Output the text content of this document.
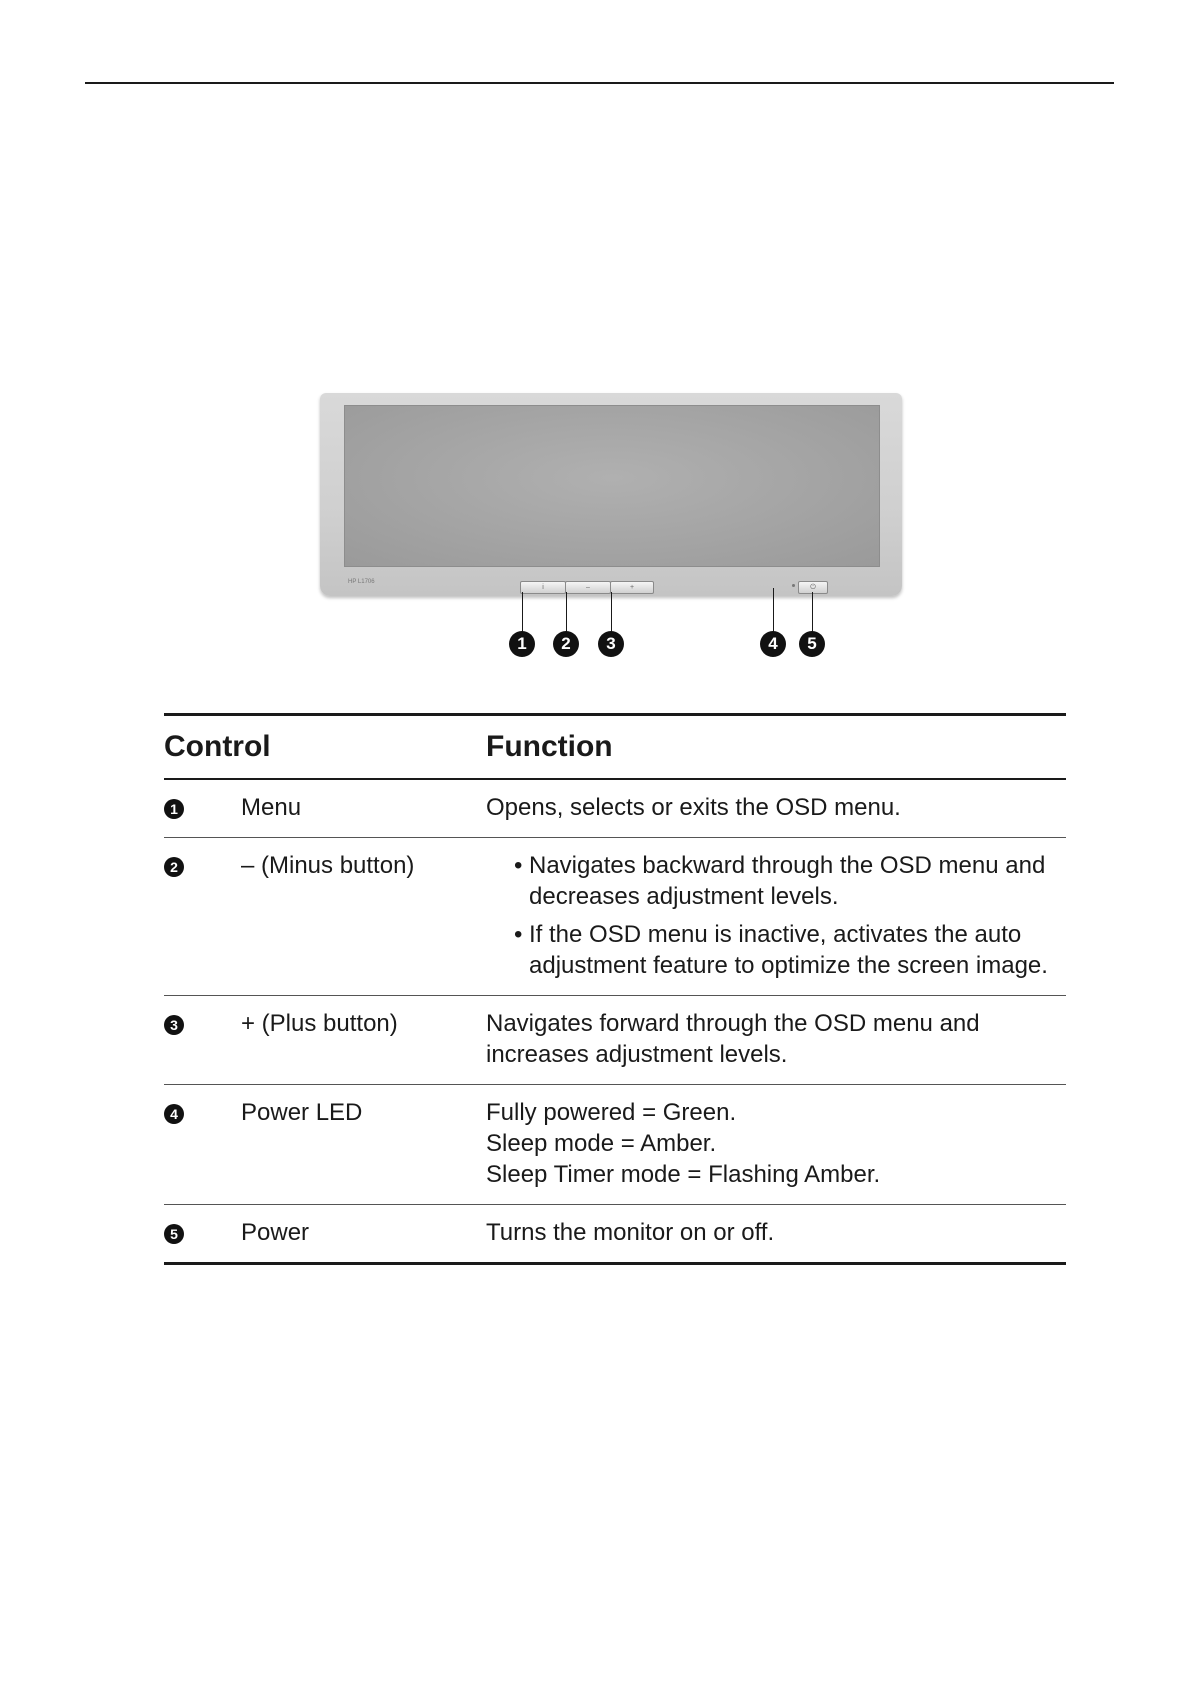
HP L1706
i	–	+	⏻
1	2	3	4	5
Control	Function
1	Menu	Opens, selects or exits the OSD menu.
2	– (Minus button)
•	Navigates backward through the OSD menu and decreases adjustment levels.
• If the OSD menu is inactive, activates the auto adjustment feature to optimize the screen image.
3	+ (Plus button)	Navigates forward through the OSD menu and increases adjustment levels.
4	Power LED	Fully powered = Green.
Sleep mode = Amber.
Sleep Timer mode = Flashing Amber.
5	Power	Turns the monitor on or off.
